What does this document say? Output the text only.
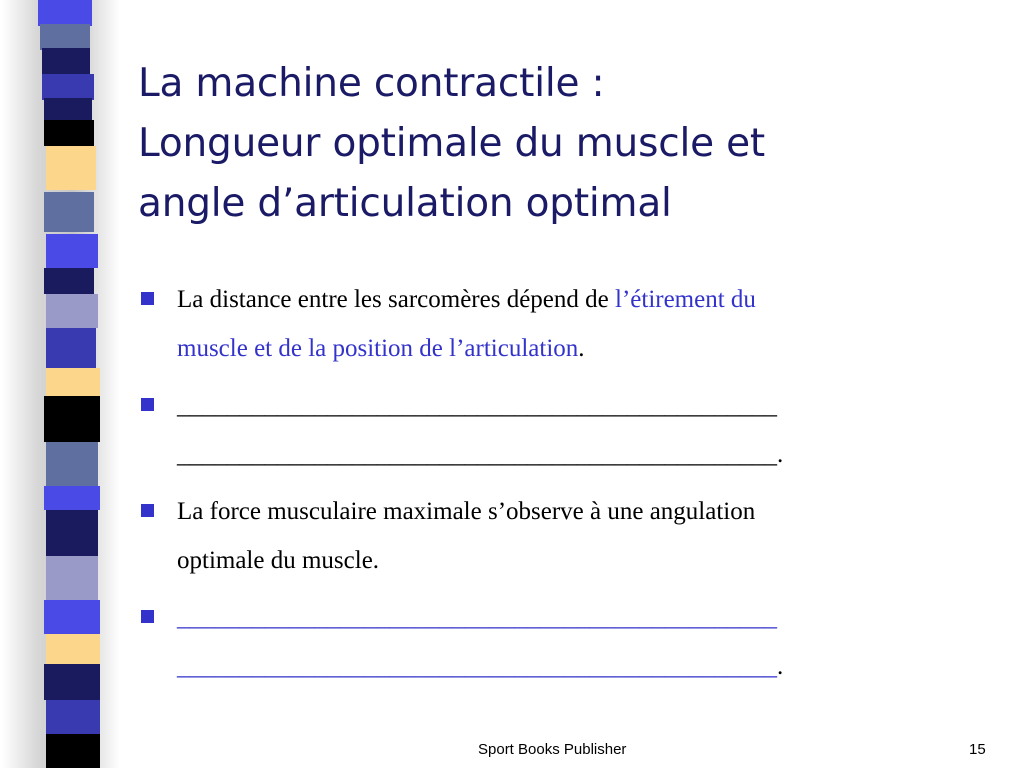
La machine contractile :
Longueur optimale du muscle et
angle d’articulation optimal
La distance entre les sarcomères dépend de l’étirement du
muscle et de la position de l’articulation.
________________________________________________
________________________________________________.
La force musculaire maximale s’observe à une angulation
optimale du muscle.
________________________________________________
________________________________________________.
Sport Books Publisher	15
